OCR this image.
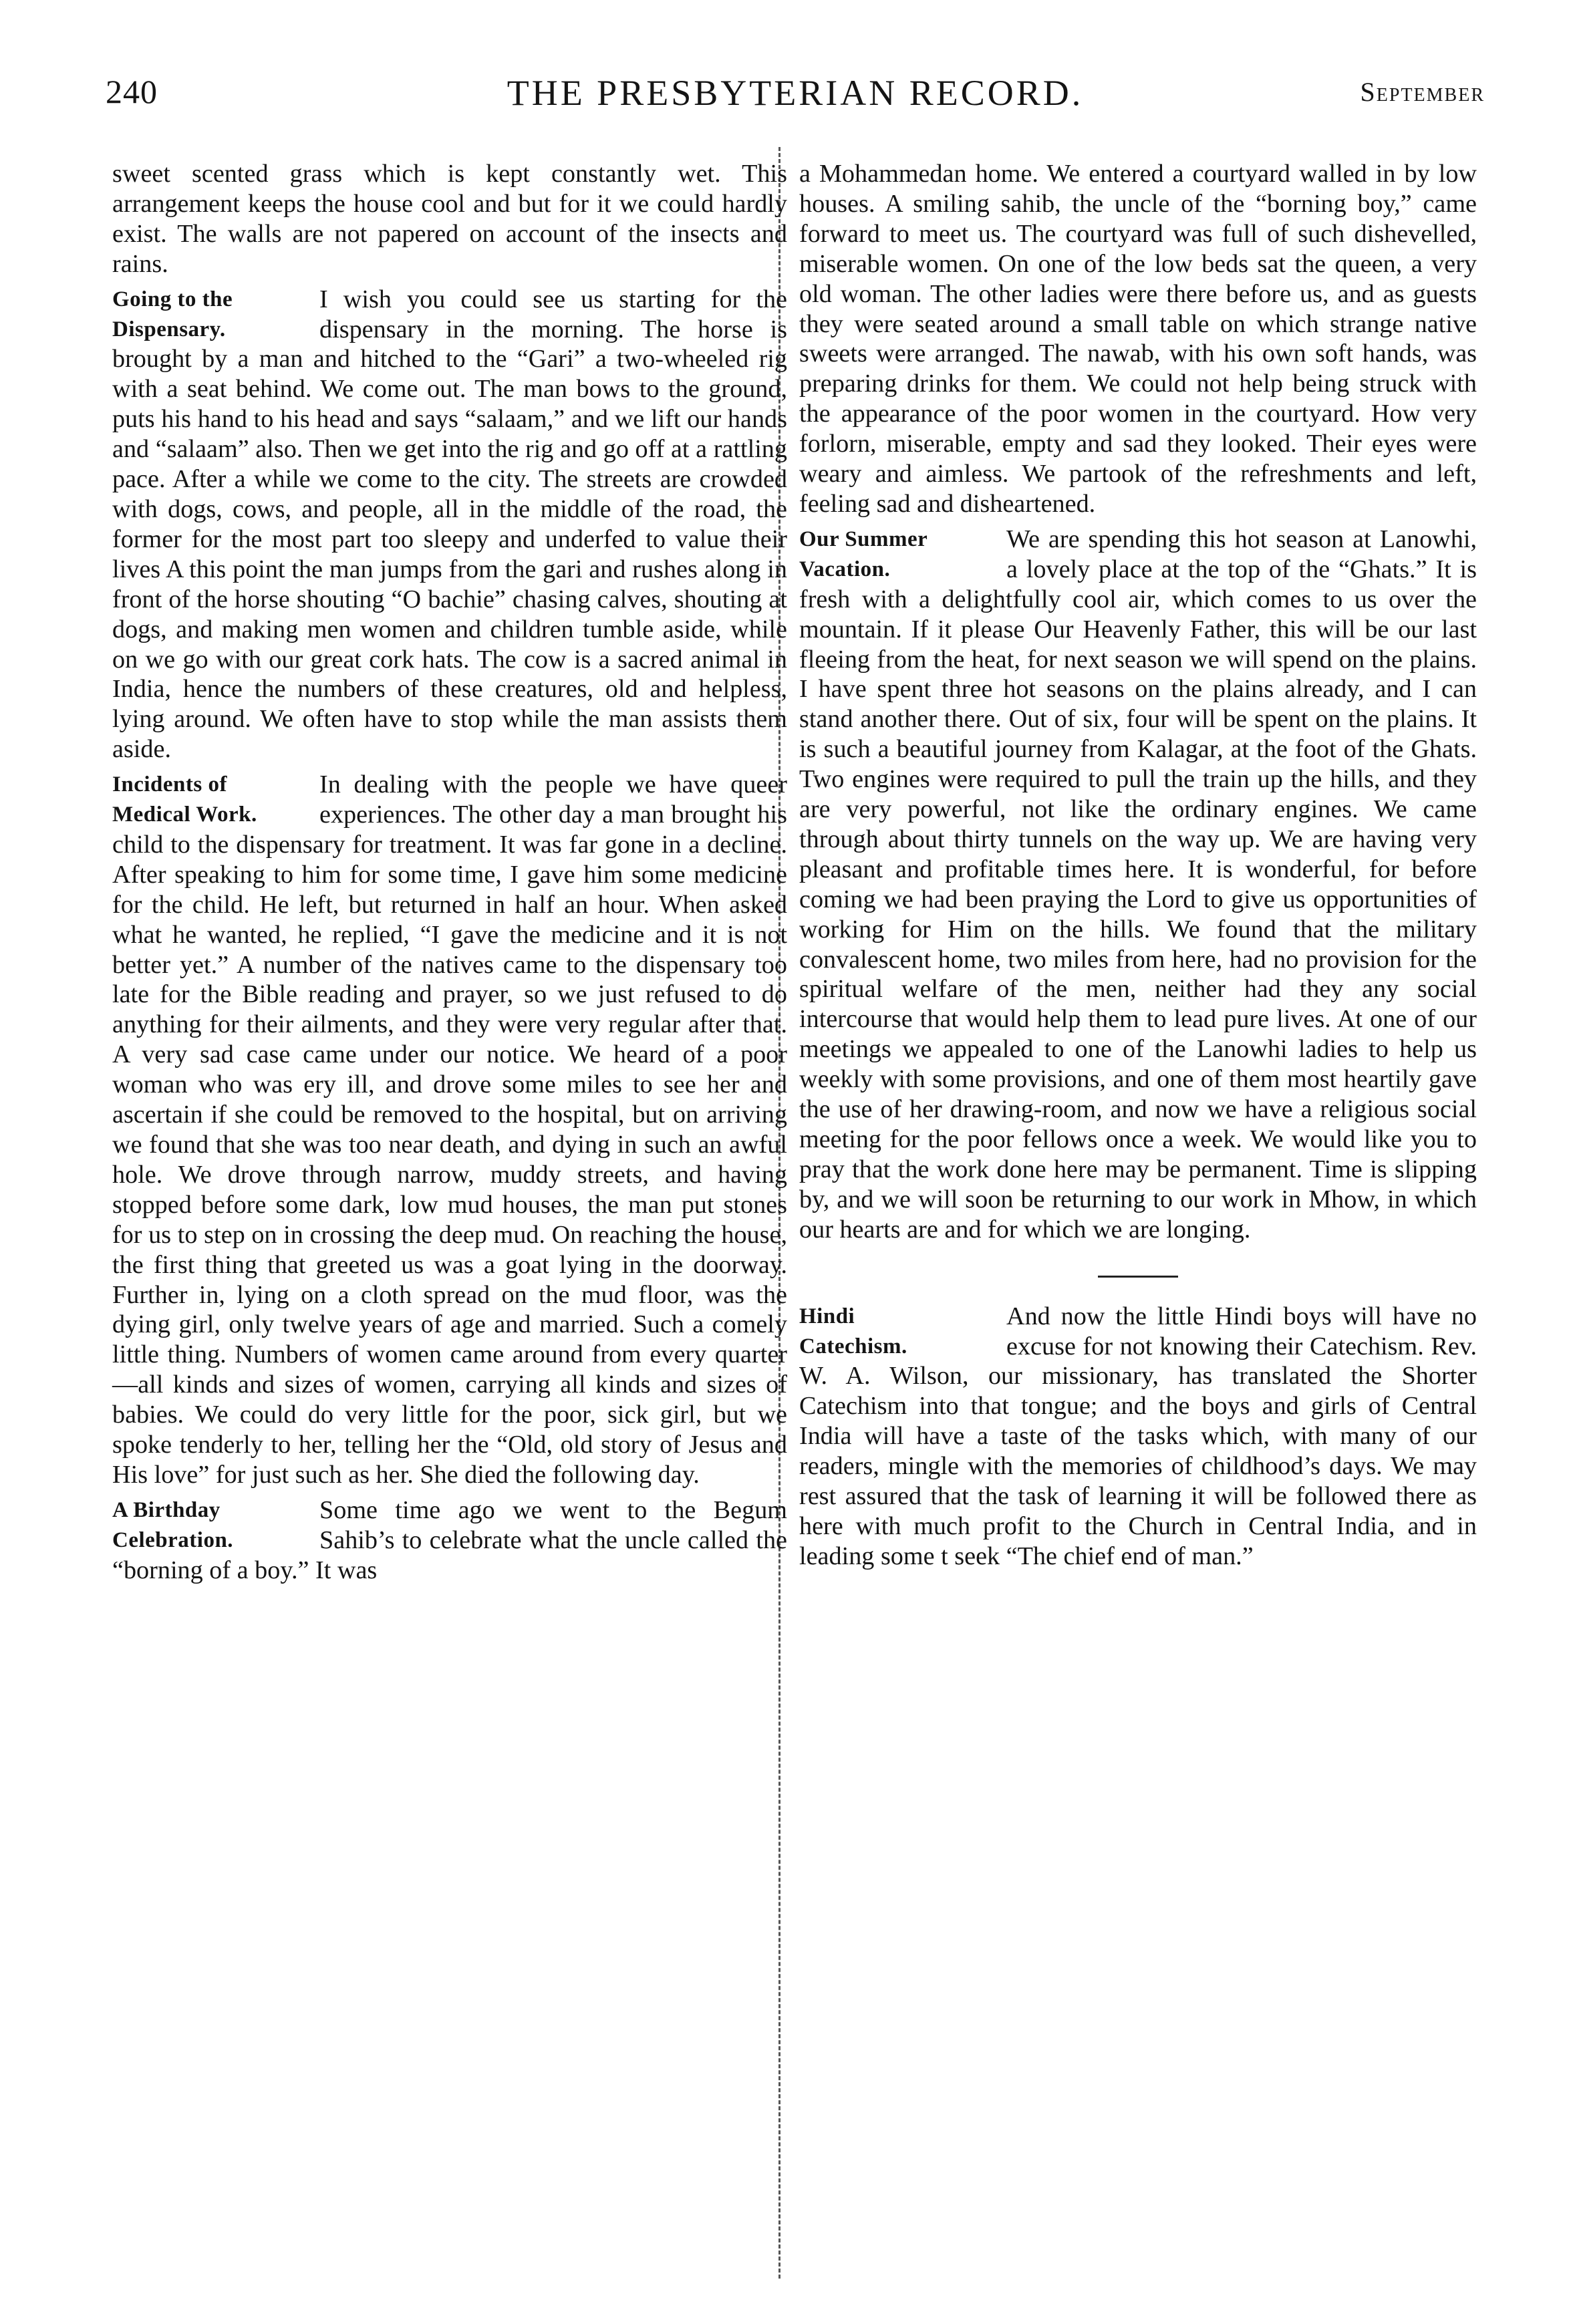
240	THE PRESBYTERIAN RECORD.	September

sweet scented grass which is kept constantly wet. This arrangement keeps the house cool and but for it we could hardly exist. The walls are not papered on account of the insects and rains.

Going to the
Dispensary.
I wish you could see us starting for the dispensary in the morning. The horse is brought by a man and hitched to the “Gari” a two-wheeled rig with a seat behind. We come out. The man bows to the ground, puts his hand to his head and says “salaam,” and we lift our hands and “salaam” also. Then we get into the rig and go off at a rattling pace. After a while we come to the city. The streets are crowded with dogs, cows, and people, all in the middle of the road, the former for the most part too sleepy and underfed to value their lives A this point the man jumps from the gari and rushes along in front of the horse shouting “O bachie” chasing calves, shouting at dogs, and making men women and children tumble aside, while on we go with our great cork hats. The cow is a sacred animal in India, hence the numbers of these creatures, old and helpless, lying around. We often have to stop while the man assists them aside.

Incidents of
Medical Work.
In dealing with the people we have queer experiences. The other day a man brought his child to the dispensary for treatment. It was far gone in a decline. After speaking to him for some time, I gave him some medicine for the child. He left, but returned in half an hour. When asked what he wanted, he replied, “I gave the medicine and it is not better yet.” A number of the natives came to the dispensary too late for the Bible reading and prayer, so we just refused to do anything for their ailments, and they were very regular after that. A very sad case came under our notice. We heard of a poor woman who was ery ill, and drove some miles to see her and ascertain if she could be removed to the hospital, but on arriving we found that she was too near death, and dying in such an awful hole. We drove through narrow, muddy streets, and having stopped before some dark, low mud houses, the man put stones for us to step on in crossing the deep mud. On reaching the house, the first thing that greeted us was a goat lying in the doorway. Further in, lying on a cloth spread on the mud floor, was the dying girl, only twelve years of age and married. Such a comely little thing. Numbers of women came around from every quarter—all kinds and sizes of women, carrying all kinds and sizes of babies. We could do very little for the poor, sick girl, but we spoke tenderly to her, telling her the “Old, old story of Jesus and His love” for just such as her. She died the following day.

A Birthday
Celebration.
Some time ago we went to the Begum Sahib’s to celebrate what the uncle called the “borning of a boy.” It was

a Mohammedan home. We entered a courtyard walled in by low houses. A smiling sahib, the uncle of the “borning boy,” came forward to meet us. The courtyard was full of such dishevelled, miserable women. On one of the low beds sat the queen, a very old woman. The other ladies were there before us, and as guests they were seated around a small table on which strange native sweets were arranged. The nawab, with his own soft hands, was preparing drinks for them. We could not help being struck with the appearance of the poor women in the courtyard. How very forlorn, miserable, empty and sad they looked. Their eyes were weary and aimless. We partook of the refreshments and left, feeling sad and disheartened.

Our Summer
Vacation.
We are spending this hot season at Lanowhi, a lovely place at the top of the “Ghats.” It is fresh with a delightfully cool air, which comes to us over the mountain. If it please Our Heavenly Father, this will be our last fleeing from the heat, for next season we will spend on the plains. I have spent three hot seasons on the plains already, and I can stand another there. Out of six, four will be spent on the plains. It is such a beautiful journey from Kalagar, at the foot of the Ghats. Two engines were required to pull the train up the hills, and they are very powerful, not like the ordinary engines. We came through about thirty tunnels on the way up. We are having very pleasant and profitable times here. It is wonderful, for before coming we had been praying the Lord to give us opportunities of working for Him on the hills. We found that the military convalescent home, two miles from here, had no provision for the spiritual welfare of the men, neither had they any social intercourse that would help them to lead pure lives. At one of our meetings we appealed to one of the Lanowhi ladies to help us weekly with some provisions, and one of them most heartily gave the use of her drawing-room, and now we have a religious social meeting for the poor fellows once a week. We would like you to pray that the work done here may be permanent. Time is slipping by, and we will soon be returning to our work in Mhow, in which our hearts are and for which we are longing.

Hindi
Catechism.
And now the little Hindi boys will have no excuse for not knowing their Catechism. Rev. W. A. Wilson, our missionary, has translated the Shorter Catechism into that tongue; and the boys and girls of Central India will have a taste of the tasks which, with many of our readers, mingle with the memories of childhood’s days. We may rest assured that the task of learning it will be followed there as here with much profit to the Church in Central India, and in leading some t seek “The chief end of man.”
